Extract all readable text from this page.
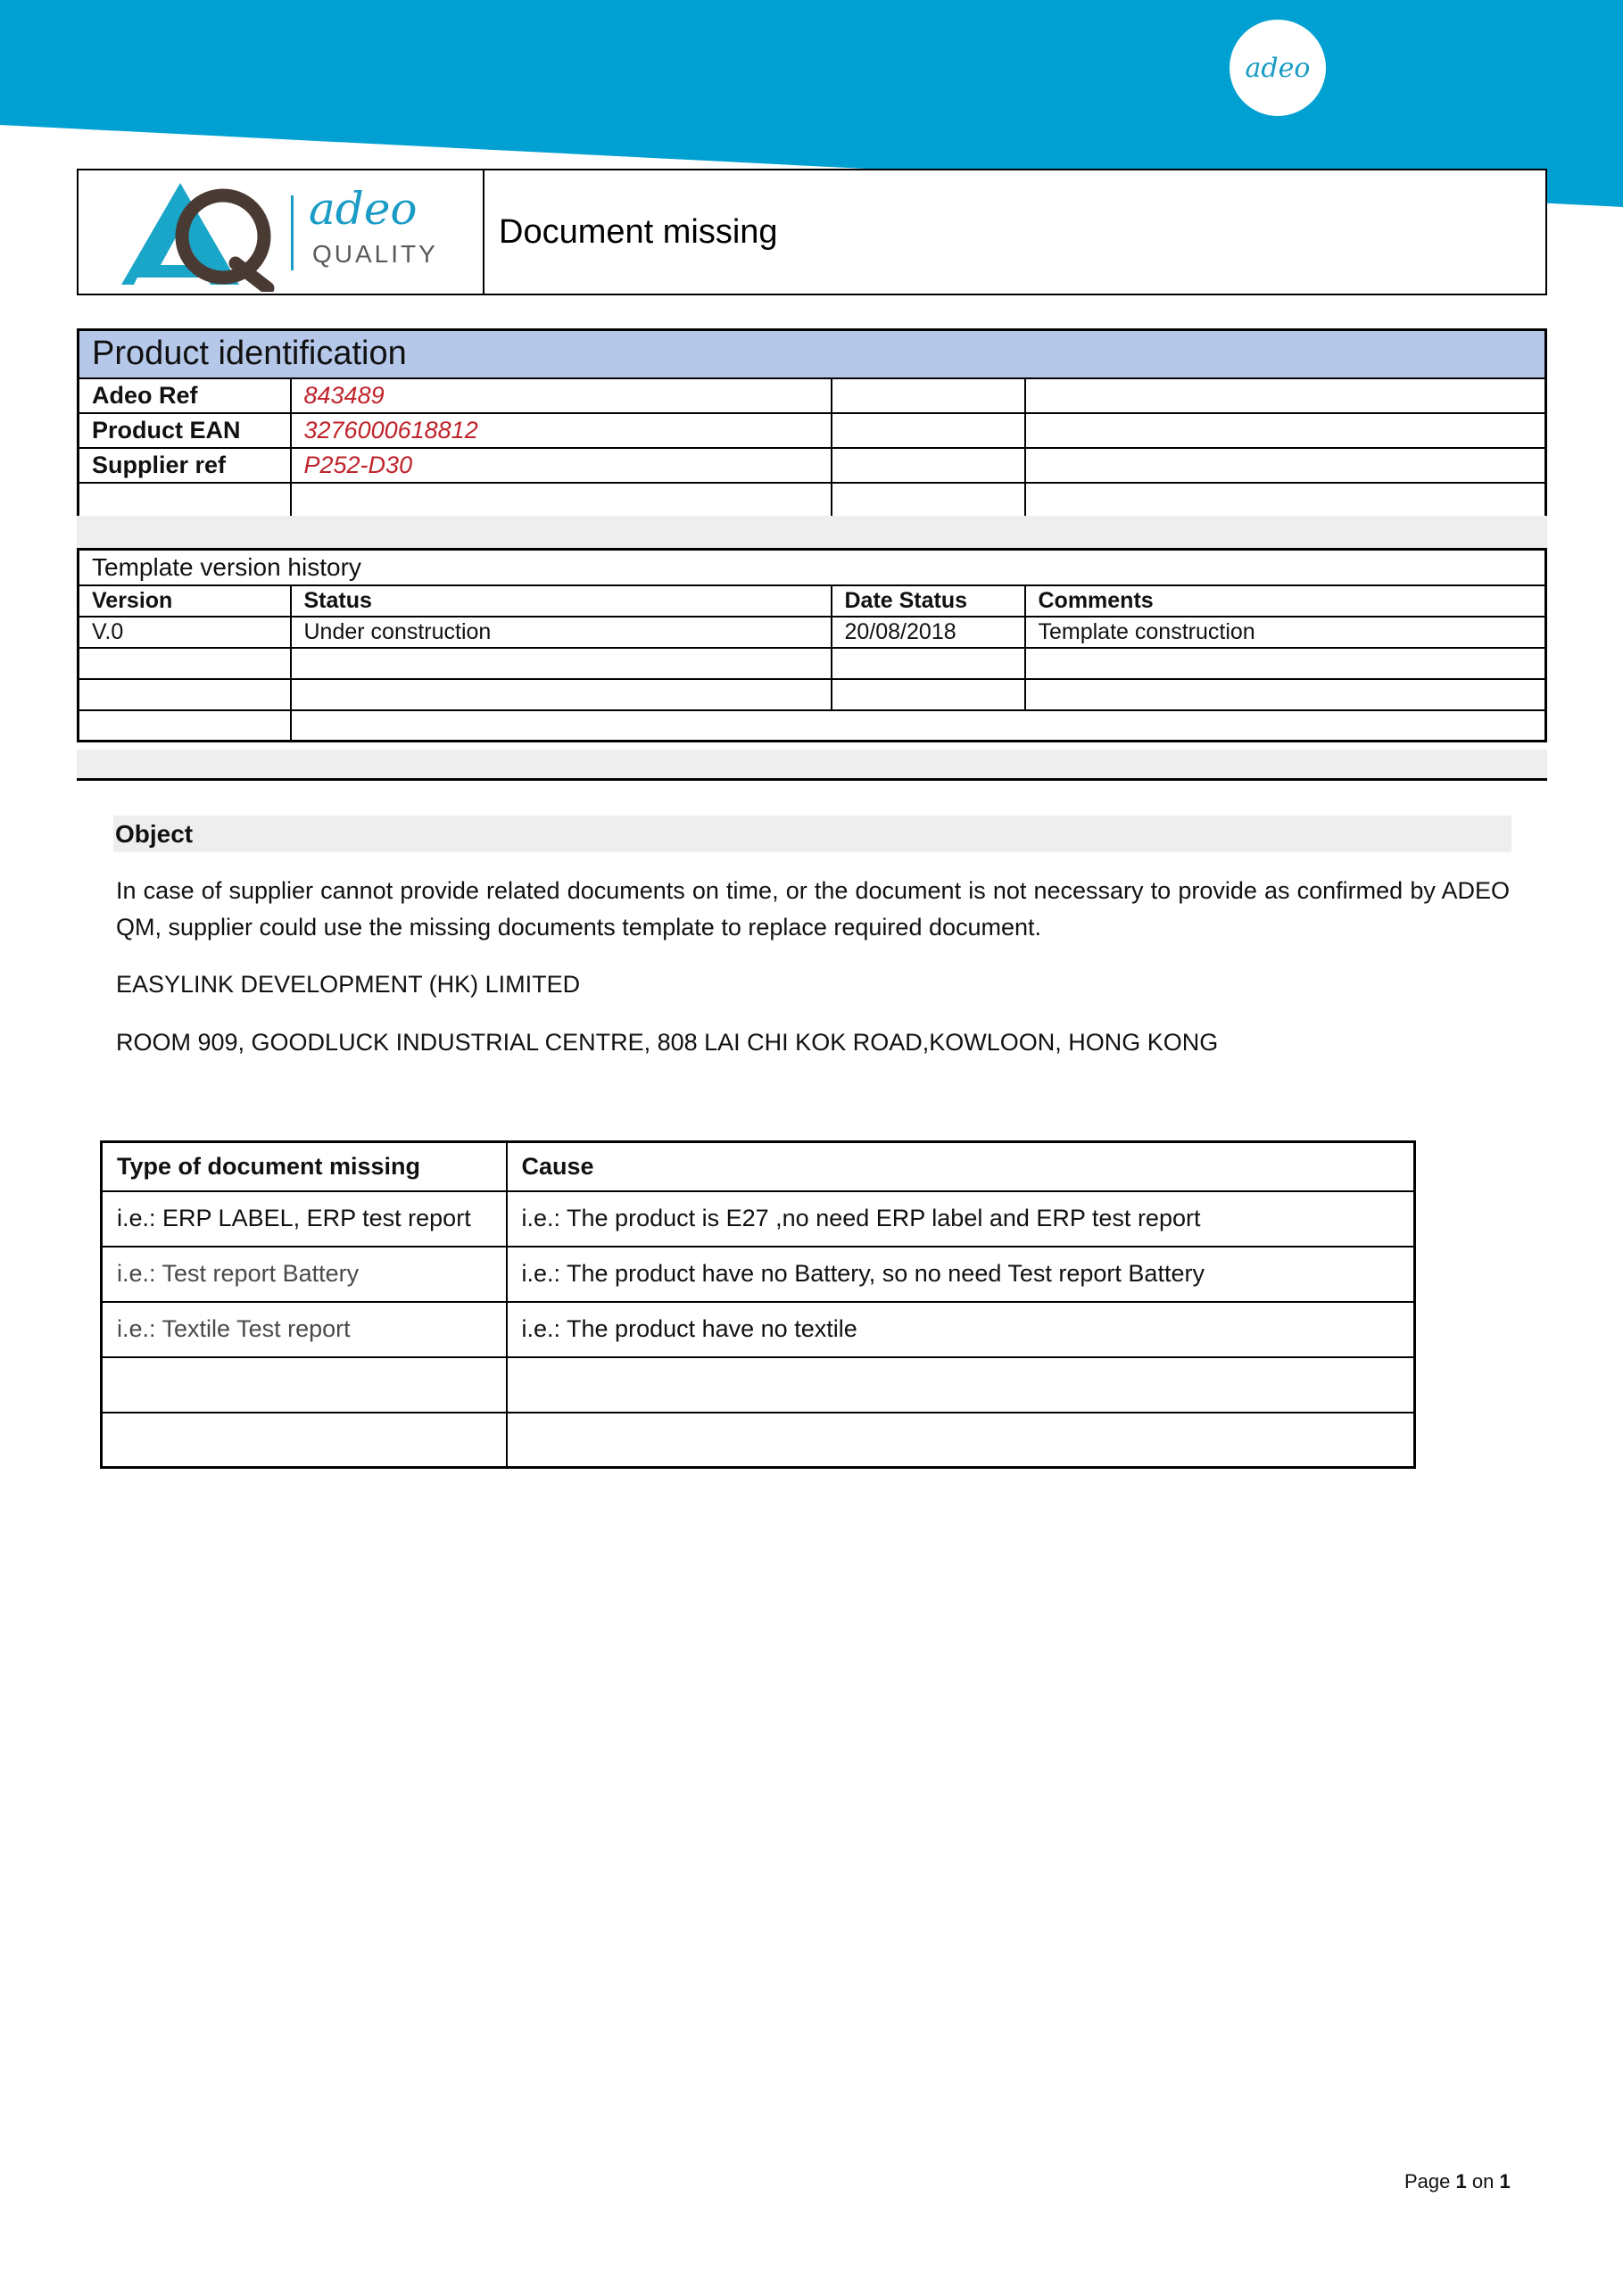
adeo
adeo
QUALITY
Document missing
Product identification			
Adeo Ref	843489		
Product EAN	3276000618812		
Supplier ref	P252-D30		

Template version history			
Version	Status	Date Status	Comments
V.0	Under construction	20/08/2018	Template construction

Object
In case of supplier cannot provide related documents on time, or the document is not necessary to provide as confirmed by ADEO QM, supplier could use the missing documents template to replace required document.
EASYLINK DEVELOPMENT (HK) LIMITED
ROOM 909, GOODLUCK INDUSTRIAL CENTRE, 808 LAI CHI KOK ROAD,KOWLOON, HONG KONG
Type of document missing	Cause
i.e.: ERP LABEL, ERP test report	i.e.: The product is E27 ,no need ERP label and ERP test report
i.e.: Test report Battery	i.e.: The product have no Battery, so no need Test report Battery
i.e.: Textile Test report	i.e.: The product have no textile

Page 1 on 1
